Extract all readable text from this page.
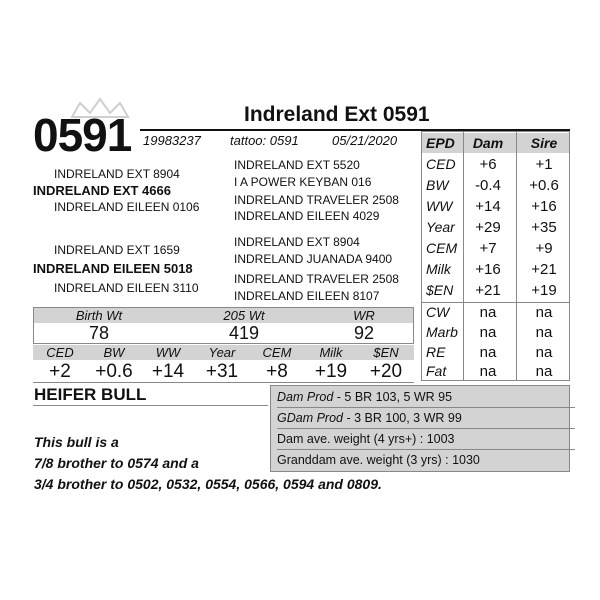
0591	Indreland Ext 0591
19983237 tattoo: 0591	05/21/2020
INDRELAND EXT 8904
INDRELAND EXT 4666
INDRELAND EILEEN 0106
INDRELAND EXT 5520
I A POWER KEYBAN 016
INDRELAND TRAVELER 2508
INDRELAND EILEEN 4029
INDRELAND EXT 1659
INDRELAND EILEEN 5018
INDRELAND EILEEN 3110
INDRELAND EXT 8904
INDRELAND JUANADA 9400
INDRELAND TRAVELER 2508
INDRELAND EILEEN 8107
EPD	Dam	Sire
CED	+6	+1
BW	-0.4	+0.6
WW	+14	+16
Year	+29	+35
CEM	+7	+9
Milk	+16	+21
$EN	+21	+19
CW	na	na
Marb	na	na
RE	na	na
Fat	na	na
Birth Wt	205 Wt	WR
78	419	92
CED	BW	WW	Year	CEM	Milk	$EN
+2	+0.6	+14	+31	+8	+19	+20
HEIFER BULL	Dam Prod - 5 BR 103, 5 WR 95
GDam Prod - 3 BR 100, 3 WR 99
Dam ave. weight (4 yrs+) : 1003
Granddam ave. weight (3 yrs) : 1030
This bull is a
7/8 brother to 0574 and a
3/4 brother to 0502, 0532, 0554, 0566, 0594 and 0809.
